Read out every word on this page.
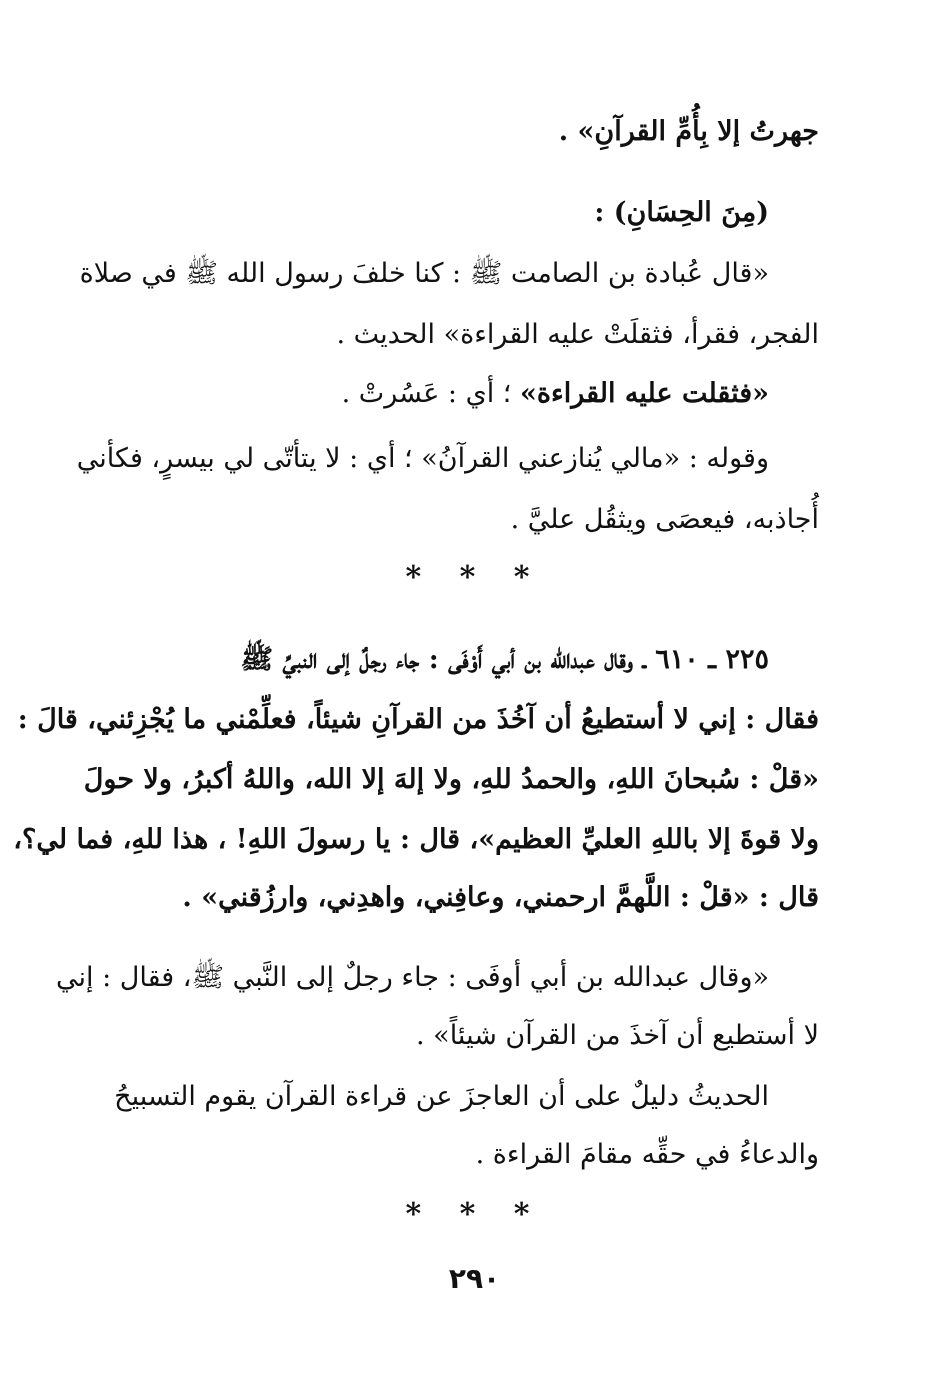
جهرتُ إلا بِأُمِّ القرآنِ» .
(مِنَ الحِسَانِ) :
«قال عُبادة بن الصامت ﷺ : كنا خلفَ رسول الله ﷺ في صلاة
الفجر، فقرأ، فثقلَتْ عليه القراءة» الحديث .
«فثقلت عليه القراءة» ؛ أي : عَسُرتْ .
وقوله : «مالي يُنازعني القرآنُ» ؛ أي : لا يتأتّى لي بيسرٍ، فكأني
أُجاذبه، فيعصَى ويثقُل عليَّ .
* * *
٢٢٥ ـ ٦١٠ ـ وقال عبدالله بن أبي أَوْفَى : جاء رجلٌ إلى النبيِّ ﷺ
فقال : إني لا أستطيعُ أن آخُذَ من القرآنِ شيئاً، فعلِّمْني ما يُجْزِئني، قالَ :
«قلْ : سُبحانَ اللهِ، والحمدُ للهِ، ولا إلهَ إلا الله، واللهُ أكبرُ، ولا حولَ
ولا قوةَ إلا باللهِ العليِّ العظيم»، قال : يا رسولَ اللهِ! ، هذا للهِ، فما لي؟،
قال : «قلْ : اللَّهمَّ ارحمني، وعافِني، واهدِني، وارزُقني» .
«وقال عبدالله بن أبي أوفَى : جاء رجلٌ إلى النَّبي ﷺ، فقال : إني
لا أستطيع أن آخذَ من القرآن شيئاً» .
الحديثُ دليلٌ على أن العاجزَ عن قراءة القرآن يقوم التسبيحُ
والدعاءُ في حقِّه مقامَ القراءة .
* * *
٢٩٠
